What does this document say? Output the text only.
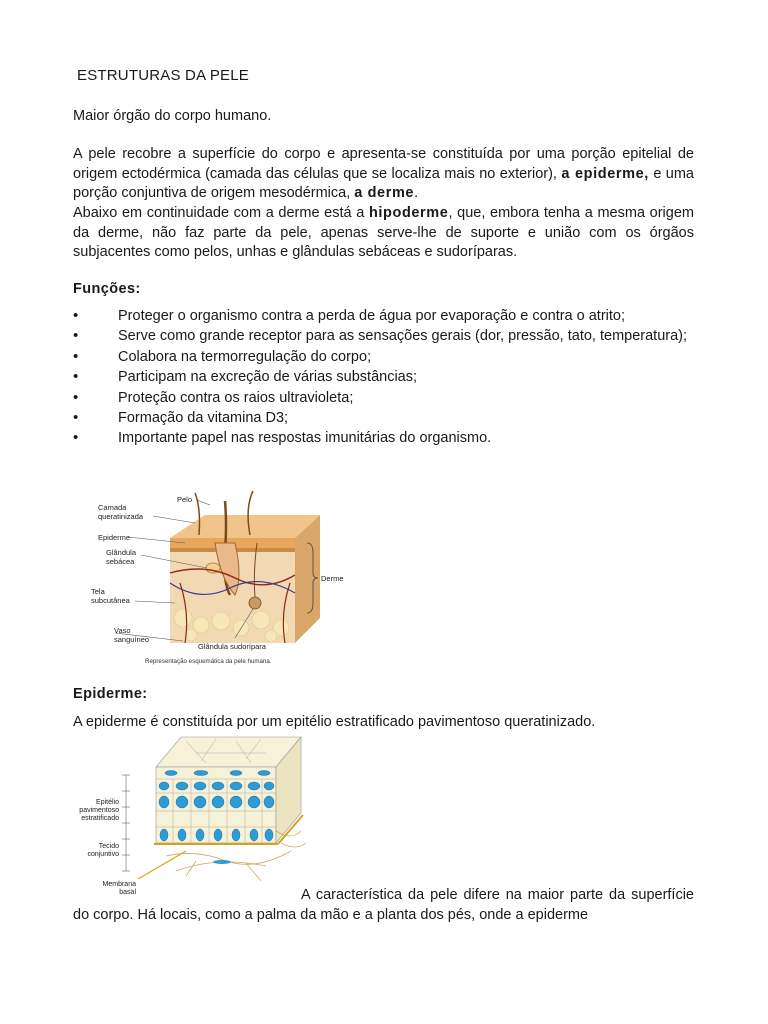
ESTRUTURAS DA PELE
Maior órgão do corpo humano.
A pele recobre a superfície do corpo e apresenta-se constituída por uma porção epitelial de origem ectodérmica (camada das células que se localiza mais no exterior), a epiderme, e uma porção conjuntiva de origem mesodérmica, a derme.
Abaixo em continuidade com a derme está a hipoderme, que, embora tenha a mesma origem da derme, não faz parte da pele, apenas serve-lhe de suporte e união com os órgãos subjacentes como pelos, unhas e glândulas sebáceas e sudoríparas.
Funções:
•	Proteger o organismo contra a perda de água por evaporação e contra o atrito;
•	Serve como grande receptor para as sensações gerais (dor, pressão, tato, temperatura);
•	Colabora na termorregulação do corpo;
•	Participam na excreção de várias substâncias;
•	Proteção contra os raios ultravioleta;
•	Formação da vitamina D3;
•	Importante papel nas respostas imunitárias do organismo.
Epiderme:
A epiderme é constituída por um epitélio estratificado pavimentoso queratinizado.
Pelo
Camada
queratinizada
Epiderme
Glândula
sebácea
Tela
subcutânea
Vaso
sanguíneo
Glândula sudorípara
Derme
Representação esquemática da pele humana.
Epitélio
pavimentoso
estratificado
Tecido
conjuntivo
Membrana
basal	A característica da pele difere na maior parte da superfície do corpo. Há locais, como a palma da mão e a planta dos pés, onde a epiderme
